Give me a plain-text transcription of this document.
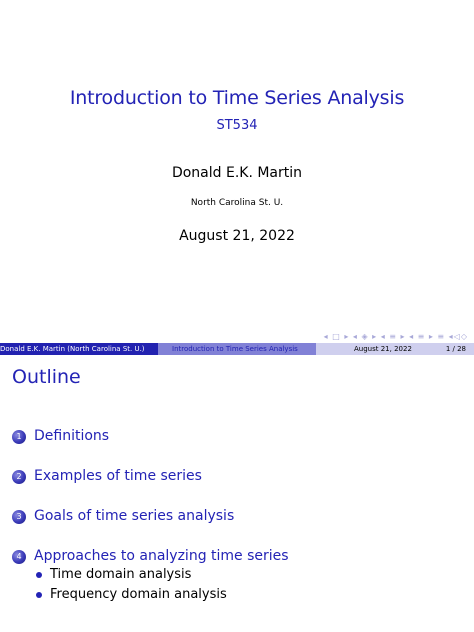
Introduction to Time Series Analysis
ST534
Donald E.K. Martin
North Carolina St. U.
August 21, 2022
◂ □ ▸ ◂ ◈ ▸ ◂ ≡ ▸ ◂ ≡ ▸ ≡ ◂◁◇
Donald E.K. Martin (North Carolina St. U.)	Introduction to Time Series Analysis	August 21, 2022	1 / 28
Outline
1 Definitions
2 Examples of time series
3 Goals of time series analysis
4 Approaches to analyzing time series
Time domain analysis
Frequency domain analysis
